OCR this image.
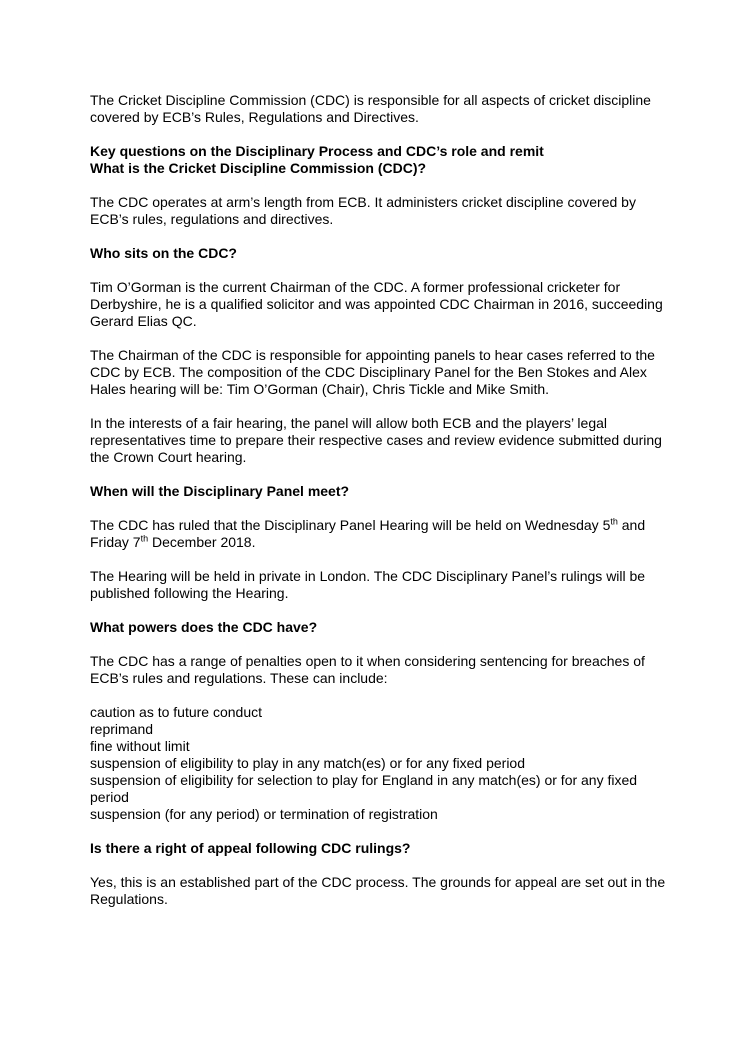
The Cricket Discipline Commission (CDC) is responsible for all aspects of cricket discipline covered by ECB’s Rules, Regulations and Directives.

Key questions on the Disciplinary Process and CDC’s role and remit

What is the Cricket Discipline Commission (CDC)?

The CDC operates at arm’s length from ECB. It administers cricket discipline covered by ECB’s rules, regulations and directives.

Who sits on the CDC?

Tim O’Gorman is the current Chairman of the CDC. A former professional cricketer for Derbyshire, he is a qualified solicitor and was appointed CDC Chairman in 2016, succeeding Gerard Elias QC.

The Chairman of the CDC is responsible for appointing panels to hear cases referred to the CDC by ECB. The composition of the CDC Disciplinary Panel for the Ben Stokes and Alex Hales hearing will be: Tim O’Gorman (Chair), Chris Tickle and Mike Smith.

In the interests of a fair hearing, the panel will allow both ECB and the players’ legal representatives time to prepare their respective cases and review evidence submitted during the Crown Court hearing.

When will the Disciplinary Panel meet?

The CDC has ruled that the Disciplinary Panel Hearing will be held on Wednesday 5th and Friday 7th December 2018.

The Hearing will be held in private in London. The CDC Disciplinary Panel’s rulings will be published following the Hearing.

What powers does the CDC have?

The CDC has a range of penalties open to it when considering sentencing for breaches of ECB’s rules and regulations. These can include:

caution as to future conduct

reprimand

fine without limit

suspension of eligibility to play in any match(es) or for any fixed period

suspension of eligibility for selection to play for England in any match(es) or for any fixed period

suspension (for any period) or termination of registration

Is there a right of appeal following CDC rulings?

Yes, this is an established part of the CDC process. The grounds for appeal are set out in the Regulations.
